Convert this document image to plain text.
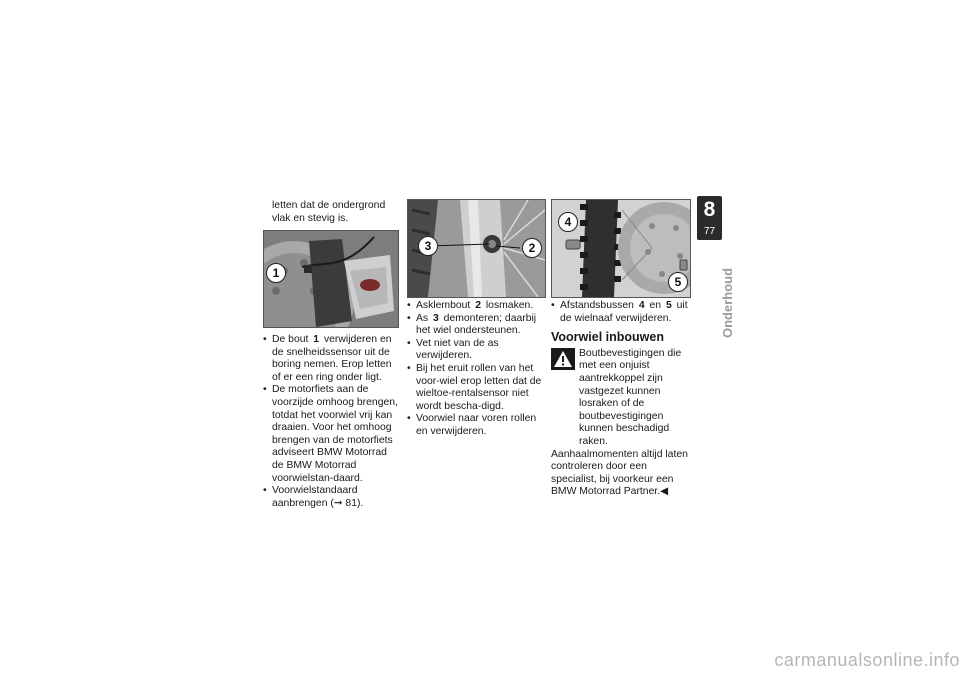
letten dat de ondergrond vlak en stevig is.

1
• De bout 1 verwijderen en de snelheidssensor uit de boring nemen. Erop letten of er een ring onder ligt.
• De motorfiets aan de voorzijde omhoog brengen, totdat het voorwiel vrij kan draaien. Voor het omhoog brengen van de motorfiets adviseert BMW Motorrad de BMW Motorrad voorwielstan-daard.
• Voorwielstandaard aanbrengen (➞ 81).
3	2
• Asklembout 2 losmaken.
• As 3 demonteren; daarbij het wiel ondersteunen.
• Vet niet van de as verwijderen.
• Bij het eruit rollen van het voor-wiel erop letten dat de wieltoe-rentalsensor niet wordt bescha-digd.
• Voorwiel naar voren rollen en verwijderen.
4
5
• Afstandsbussen 4 en 5 uit de wielnaaf verwijderen.
Voorwiel inbouwen

Boutbevestigingen die met een onjuist aantrekkoppel zijn vastgezet kunnen losraken of de boutbevestigingen kunnen beschadigd raken.

Aanhaalmomenten altijd laten controleren door een specialist, bij voorkeur een BMW Motorrad Partner.◀

8
77
Onderhoud
carmanualsonline.info
